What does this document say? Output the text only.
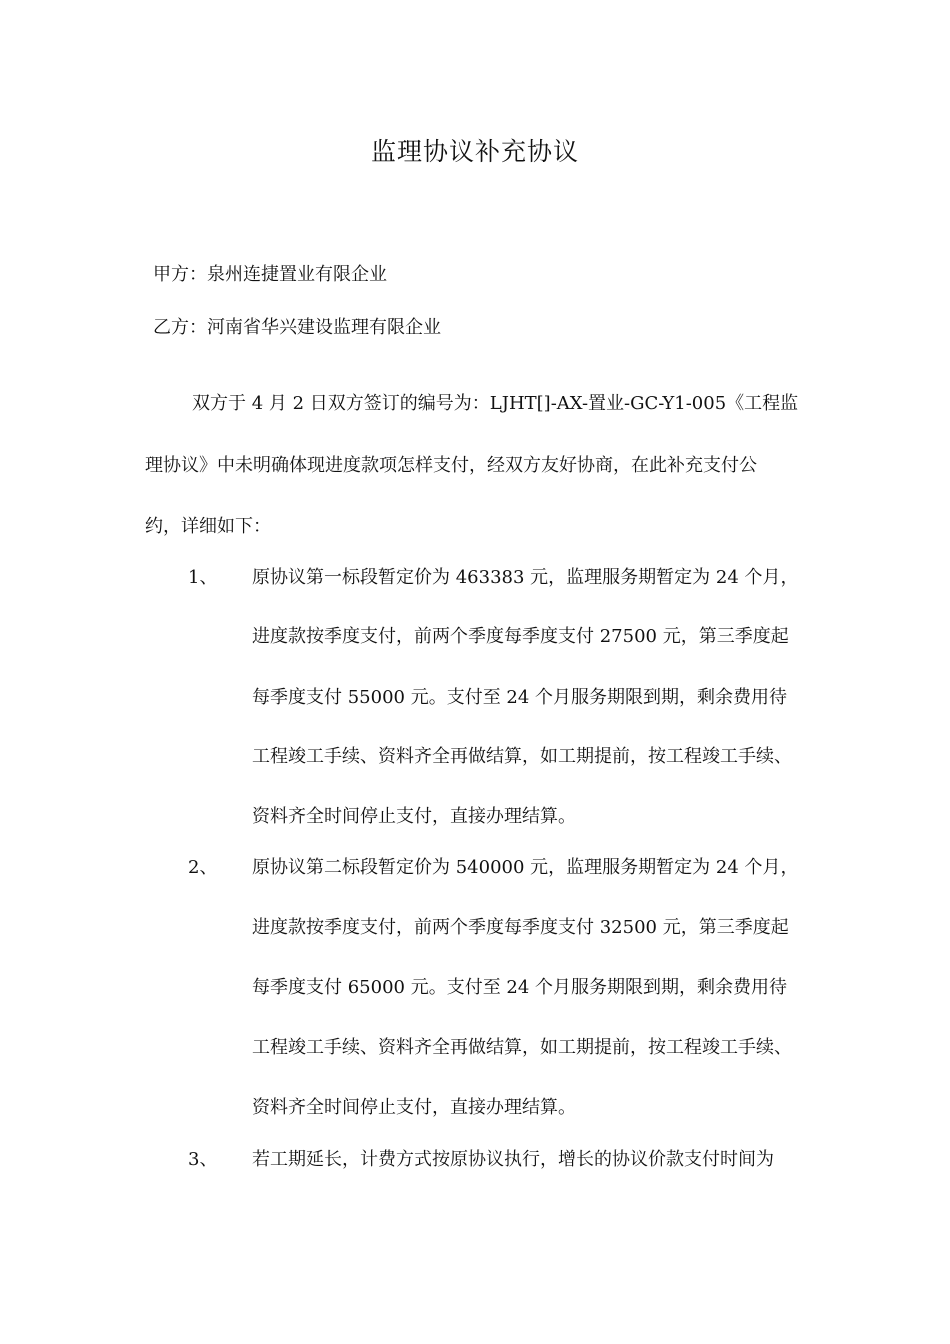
监理协议补充协议
甲方：泉州连捷置业有限企业
乙方：河南省华兴建设监理有限企业
双方于 4 月 2 日双方签订的编号为：LJHT[]-AX-置业-GC-Y1-005《工程监
理协议》中未明确体现进度款项怎样支付，经双方友好协商，在此补充支付公
约，详细如下：
1、 原协议第一标段暂定价为 463383 元，监理服务期暂定为 24 个月，
进度款按季度支付，前两个季度每季度支付 27500 元，第三季度起
每季度支付 55000 元。支付至 24 个月服务期限到期，剩余费用待
工程竣工手续、资料齐全再做结算，如工期提前，按工程竣工手续、
资料齐全时间停止支付，直接办理结算。
2、 原协议第二标段暂定价为 540000 元，监理服务期暂定为 24 个月，
进度款按季度支付，前两个季度每季度支付 32500 元，第三季度起
每季度支付 65000 元。支付至 24 个月服务期限到期，剩余费用待
工程竣工手续、资料齐全再做结算，如工期提前，按工程竣工手续、
资料齐全时间停止支付，直接办理结算。
3、 若工期延长，计费方式按原协议执行，增长的协议价款支付时间为
